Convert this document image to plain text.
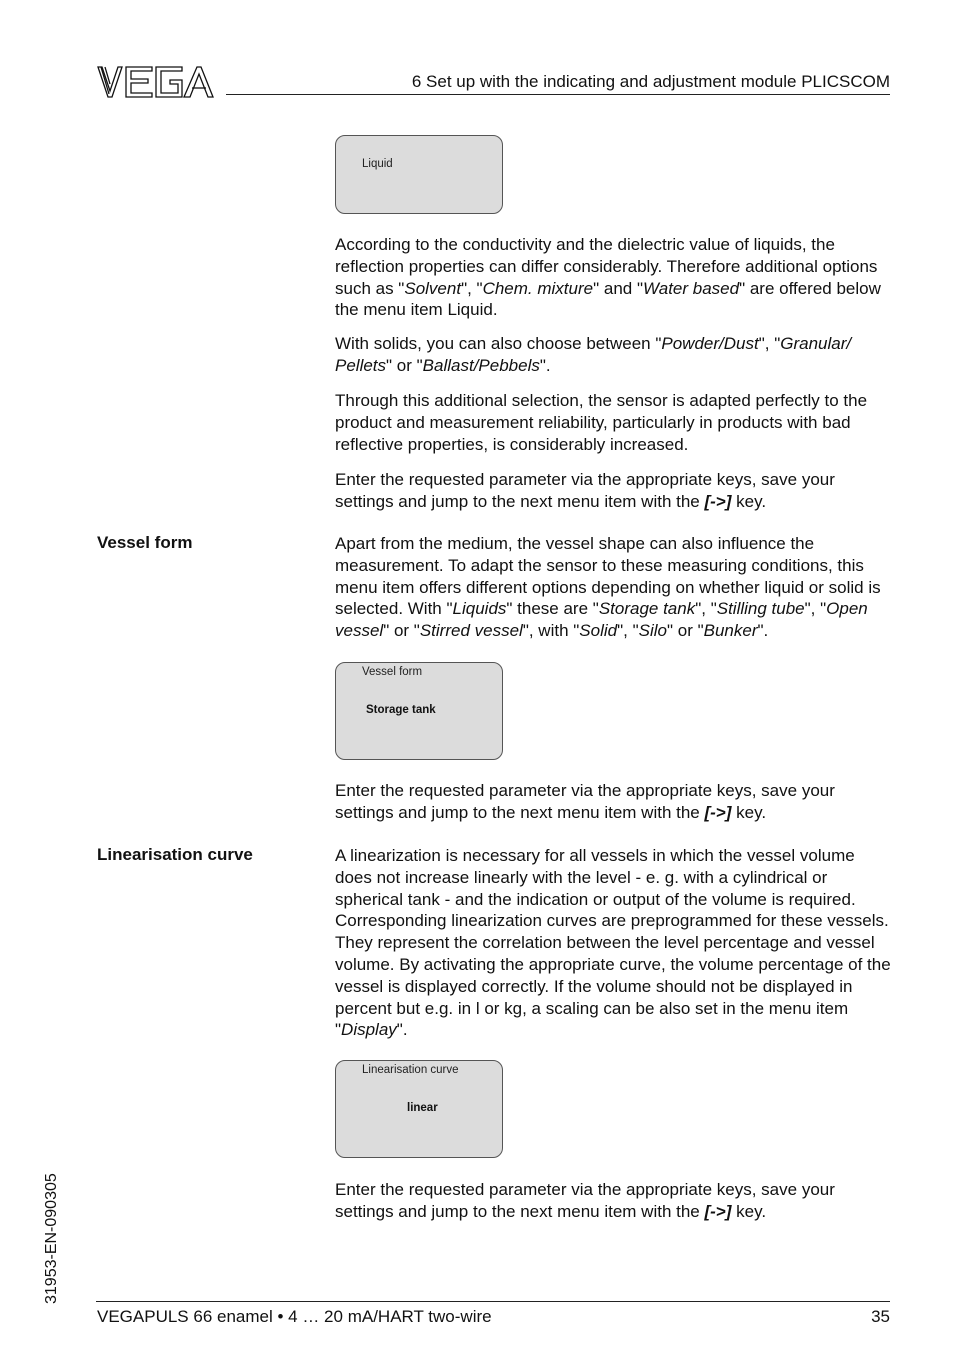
6 Set up with the indicating and adjustment module PLICSCOM
Liquid

According to the conductivity and the dielectric value of liquids, the reflection properties can differ considerably. Therefore additional options such as "Solvent", "Chem. mixture" and "Water based" are offered below the menu item Liquid.

With solids, you can also choose between "Powder/Dust", "Granular/ Pellets" or "Ballast/Pebbels".

Through this additional selection, the sensor is adapted perfectly to the product and measurement reliability, particularly in products with bad reflective properties, is considerably increased.

Enter the requested parameter via the appropriate keys, save your settings and jump to the next menu item with the [->] key.

Vessel form	Apart from the medium, the vessel shape can also influence the measurement. To adapt the sensor to these measuring conditions, this menu item offers different options depending on whether liquid or solid is selected. With "Liquids" these are "Storage tank", "Stilling tube", "Open vessel" or "Stirred vessel", with "Solid", "Silo" or "Bunker".

Vessel form
Storage tank

Enter the requested parameter via the appropriate keys, save your settings and jump to the next menu item with the [->] key.

Linearisation curve	A linearization is necessary for all vessels in which the vessel volume does not increase linearly with the level - e. g. with a cylindrical or spherical tank - and the indication or output of the volume is required. Corresponding linearization curves are preprogrammed for these vessels. They represent the correlation between the level percentage and vessel volume. By activating the appropriate curve, the volume percentage of the vessel is displayed correctly. If the volume should not be displayed in percent but e.g. in l or kg, a scaling can be also set in the menu item "Display".

Linearisation curve
linear

Enter the requested parameter via the appropriate keys, save your settings and jump to the next menu item with the [->] key.

31953-EN-090305
VEGAPULS 66 enamel • 4 … 20 mA/HART two-wire	35
